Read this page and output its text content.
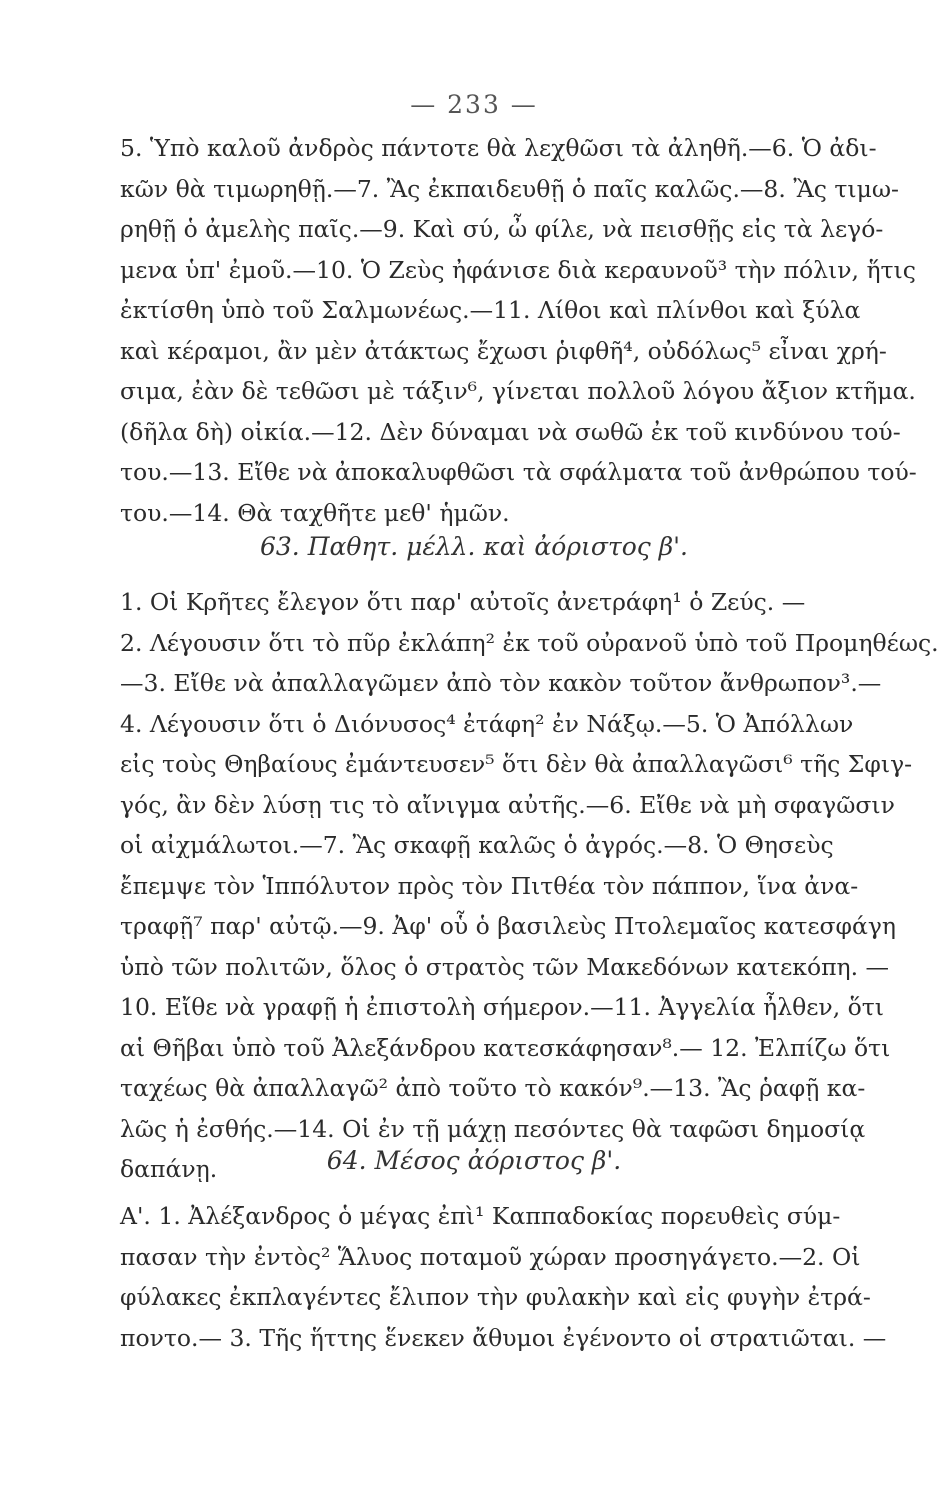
— 233 —
5. Ὑπὸ καλοῦ ἀνδρὸς πάντοτε θὰ λεχθῶσι τὰ ἀληθῆ.—6. Ὁ ἀδι-
κῶν θὰ τιμωρηθῇ.—7. Ἂς ἐκπαιδευθῇ ὁ παῖς καλῶς.—8. Ἂς τιμω-
ρηθῇ ὁ ἀμελὴς παῖς.—9. Καὶ σύ, ὦ φίλε, νὰ πεισθῇς εἰς τὰ λεγό-
μενα ὑπ' ἐμοῦ.—10. Ὁ Ζεὺς ἠφάνισε διὰ κεραυνοῦ³ τὴν πόλιν, ἥτις
ἐκτίσθη ὑπὸ τοῦ Σαλμωνέως.—11. Λίθοι καὶ πλίνθοι καὶ ξύλα
καὶ κέραμοι, ἂν μὲν ἀτάκτως ἔχωσι ῥιφθῆ⁴, οὐδόλως⁵ εἶναι χρή-
σιμα, ἐὰν δὲ τεθῶσι μὲ τάξιν⁶, γίνεται πολλοῦ λόγου ἄξιον κτῆμα.
(δῆλα δὴ) οἰκία.—12. Δὲν δύναμαι νὰ σωθῶ ἐκ τοῦ κινδύνου τού-
του.—13. Εἴθε νὰ ἀποκαλυφθῶσι τὰ σφάλματα τοῦ ἀνθρώπου τού-
του.—14. Θὰ ταχθῆτε μεθ' ἡμῶν.
63. Παθητ. μέλλ. καὶ ἀόριστος β'.
1. Οἱ Κρῆτες ἔλεγον ὅτι παρ' αὐτοῖς ἀνετράφη¹ ὁ Ζεύς. —
2. Λέγουσιν ὅτι τὸ πῦρ ἐκλάπη² ἐκ τοῦ οὐρανοῦ ὑπὸ τοῦ Προμηθέως.
—3. Εἴθε νὰ ἀπαλλαγῶμεν ἀπὸ τὸν κακὸν τοῦτον ἄνθρωπον³.—
4. Λέγουσιν ὅτι ὁ Διόνυσος⁴ ἐτάφη² ἐν Νάξῳ.—5. Ὁ Ἀπόλλων
εἰς τοὺς Θηβαίους ἐμάντευσεν⁵ ὅτι δὲν θὰ ἀπαλλαγῶσι⁶ τῆς Σφιγ-
γός, ἂν δὲν λύσῃ τις τὸ αἴνιγμα αὐτῆς.—6. Εἴθε νὰ μὴ σφαγῶσιν
οἱ αἰχμάλωτοι.—7. Ἂς σκαφῇ καλῶς ὁ ἀγρός.—8. Ὁ Θησεὺς
ἔπεμψε τὸν Ἱππόλυτον πρὸς τὸν Πιτθέα τὸν πάππον, ἵνα ἀνα-
τραφῇ⁷ παρ' αὐτῷ.—9. Ἀφ' οὗ ὁ βασιλεὺς Πτολεμαῖος κατεσφάγη
ὑπὸ τῶν πολιτῶν, ὅλος ὁ στρατὸς τῶν Μακεδόνων κατεκόπη. —
10. Εἴθε νὰ γραφῇ ἡ ἐπιστολὴ σήμερον.—11. Ἀγγελία ἦλθεν, ὅτι
αἱ Θῆβαι ὑπὸ τοῦ Ἀλεξάνδρου κατεσκάφησαν⁸.— 12. Ἐλπίζω ὅτι
ταχέως θὰ ἀπαλλαγῶ² ἀπὸ τοῦτο τὸ κακόν⁹.—13. Ἂς ῥαφῇ κα-
λῶς ἡ ἐσθής.—14. Οἱ ἐν τῇ μάχῃ πεσόντες θὰ ταφῶσι δημοσίᾳ
δαπάνῃ.	64. Μέσος ἀόριστος β'.
Α'. 1. Ἀλέξανδρος ὁ μέγας ἐπὶ¹ Καππαδοκίας πορευθεὶς σύμ-
πασαν τὴν ἐντὸς² Ἅλυος ποταμοῦ χώραν προσηγάγετο.—2. Οἱ
φύλακες ἐκπλαγέντες ἔλιπον τὴν φυλακὴν καὶ εἰς φυγὴν ἐτρά-
ποντο.— 3. Τῆς ἥττης ἕνεκεν ἄθυμοι ἐγένοντο οἱ στρατιῶται. —
